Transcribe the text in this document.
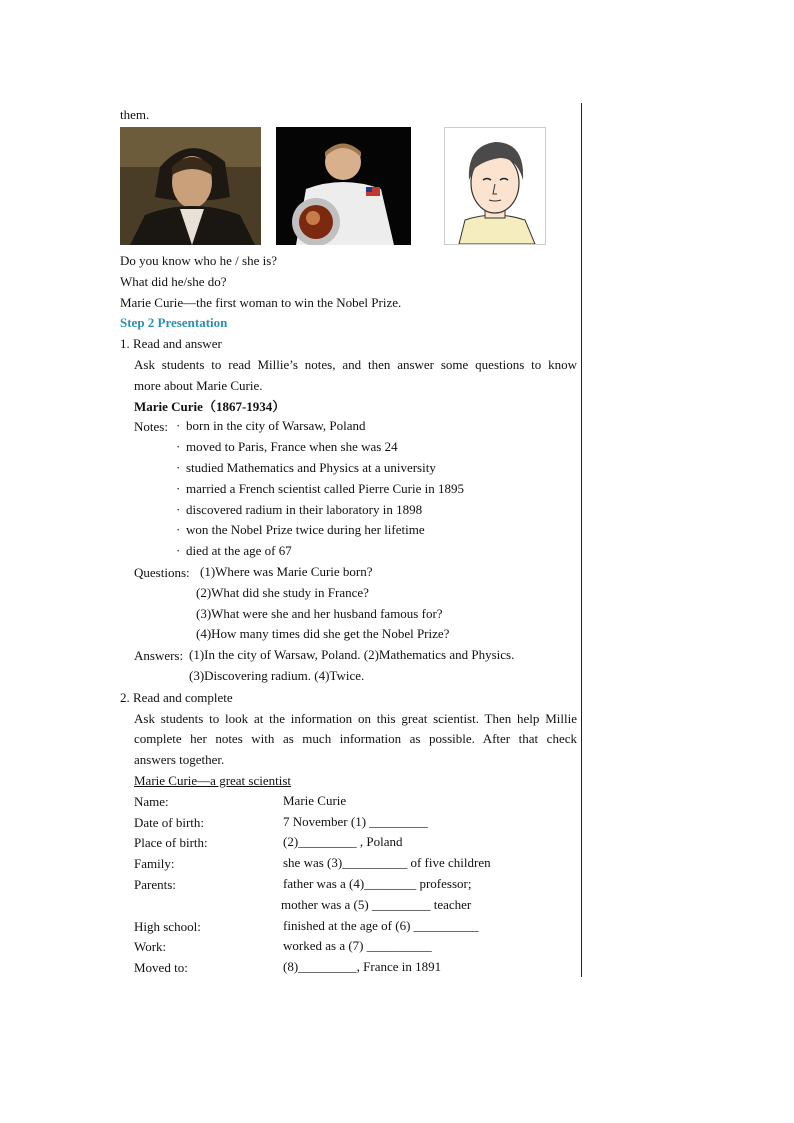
them.
Do you know who he / she is?
What did he/she do?
Marie Curie—the first woman to win the Nobel Prize.
Step 2 Presentation
1. Read and answer
Ask students to read Millie’s notes, and then answer some questions to know
more about Marie Curie.
Marie Curie（1867-1934）
Notes: · born in the city of Warsaw, Poland
· moved to Paris, France when she was 24
· studied Mathematics and Physics at a university
· married a French scientist called Pierre Curie in 1895
· discovered radium in their laboratory in 1898
· won the Nobel Prize twice during her lifetime
· died at the age of 67
Questions: (1)Where was Marie Curie born?
(2)What did she study in France?
(3)What were she and her husband famous for?
(4)How many times did she get the Nobel Prize?
Answers: (1)In the city of Warsaw, Poland. (2)Mathematics and Physics.
(3)Discovering radium. (4)Twice.
2. Read and complete
Ask students to look at the information on this great scientist. Then help Millie
complete her notes with as much information as possible. After that check
answers together.
Marie Curie—a great scientist
Name:	Marie Curie
Date of birth:	7 November (1) _________
Place of birth:	(2)_________ , Poland
Family:	she was (3)__________ of five children
Parents:	father was a (4)________ professor;
mother was a (5) _________ teacher
High school:	finished at the age of (6) __________
Work:	worked as a (7) __________
Moved to:	(8)_________, France in 1891
